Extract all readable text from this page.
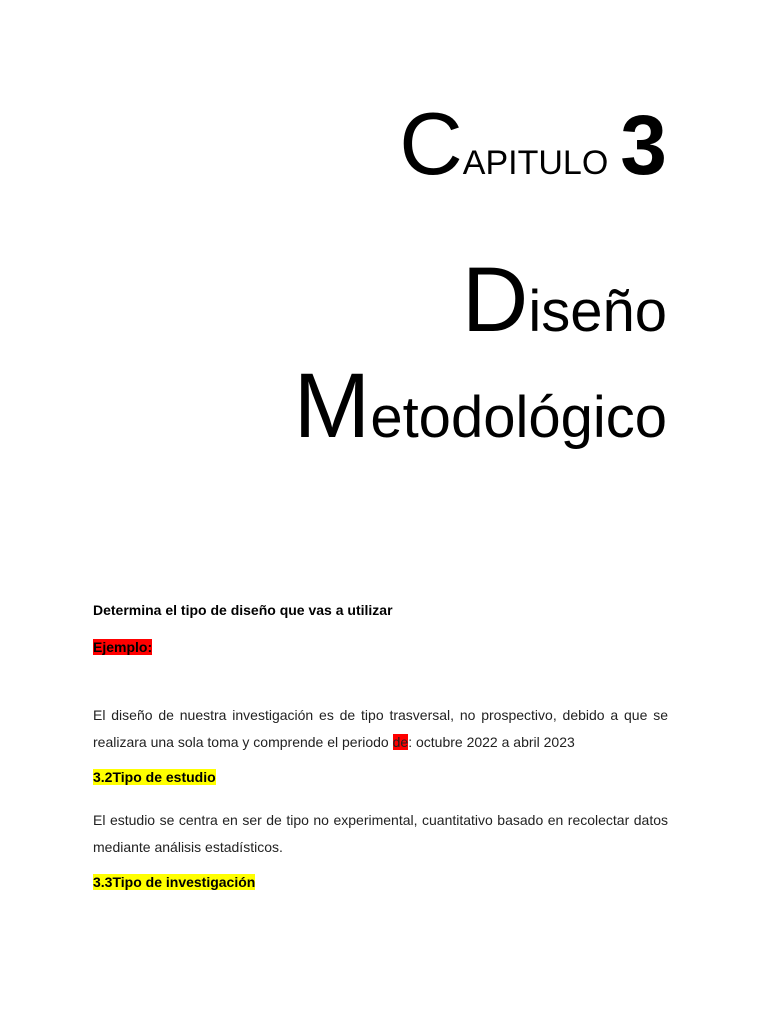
CAPITULO 3
Diseño
Metodológico
Determina el tipo de diseño que vas a utilizar
Ejemplo:
El diseño de nuestra investigación es de tipo trasversal, no prospectivo, debido a que se realizara una sola toma y comprende el periodo de: octubre 2022 a abril 2023
3.2Tipo de estudio
El estudio se centra en ser de tipo no experimental, cuantitativo basado en recolectar datos mediante análisis estadísticos.
3.3Tipo de investigación
